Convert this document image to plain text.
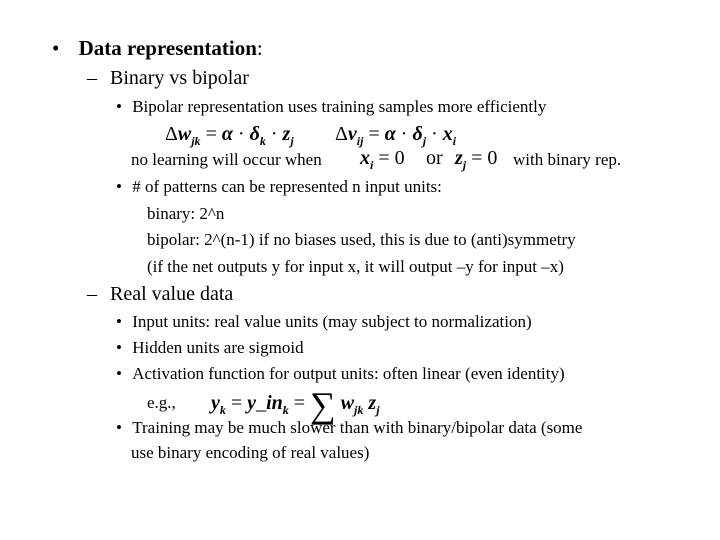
• Data representation:
– Binary vs bipolar
• Bipolar representation uses training samples more efficiently
$\Delta w_{jk} = \alpha \cdot \delta_k \cdot z_j$ $\Delta v_{ij} = \alpha \cdot \delta_j \cdot x_i$
no learning will occur when $x_i = 0$ or $z_j = 0$ with binary rep.
• # of patterns can be represented n input units:
binary: 2^n
bipolar: 2^(n-1) if no biases used, this is due to (anti)symmetry
(if the net outputs y for input x, it will output –y for input –x)
– Real value data
• Input units: real value units (may subject to normalization)
• Hidden units are sigmoid
• Activation function for output units: often linear (even identity)
e.g., $y_k$ = $y\_in_k$ = ∑ $w_{jk}$ $z_j$
• Training may be much slower than with binary/bipolar data (some
use binary encoding of real values)
